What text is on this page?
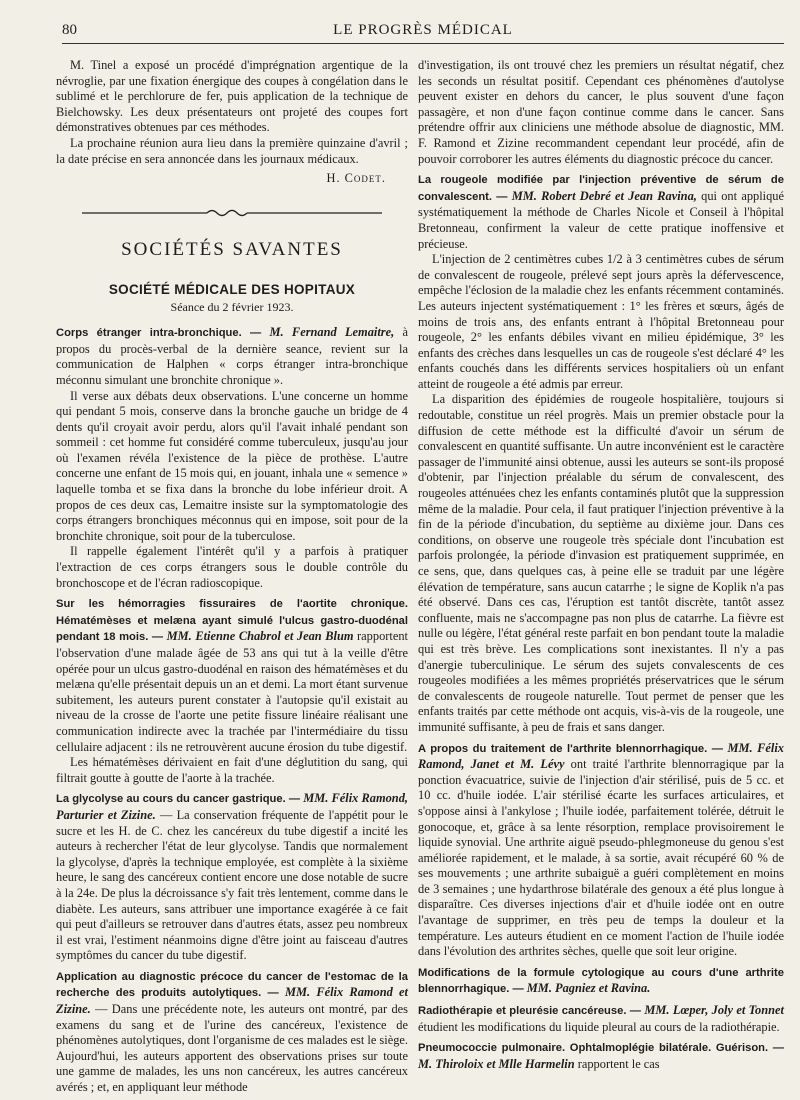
80	LE PROGRÈS MÉDICAL

M. Tinel a exposé un procédé d'imprégnation argentique de la névroglie, par une fixation énergique des coupes à congélation dans le sublimé et le perchlorure de fer, puis application de la technique de Bielchowsky. Les deux présentateurs ont projeté des coupes fort démonstratives obtenues par ces méthodes.

La prochaine réunion aura lieu dans la première quinzaine d'avril ; la date précise en sera annoncée dans les journaux médicaux.

H. Codet.
SOCIÉTÉS SAVANTES
SOCIÉTÉ MÉDICALE DES HOPITAUX
Séance du 2 février 1923.

Corps étranger intra-bronchique. — M. Fernand Lemaitre, à propos du procès-verbal de la dernière seance, revient sur la communication de Halphen « corps étranger intra-bronchique méconnu simulant une bronchite chronique ».

Il verse aux débats deux observations. L'une concerne un homme qui pendant 5 mois, conserve dans la bronche gauche un bridge de 4 dents qu'il croyait avoir perdu, alors qu'il l'avait inhalé pendant son sommeil : cet homme fut considéré comme tuberculeux, jusqu'au jour où l'examen révéla l'existence de la pièce de prothèse. L'autre concerne une enfant de 15 mois qui, en jouant, inhala une « semence » laquelle tomba et se fixa dans la bronche du lobe inférieur droit. A propos de ces deux cas, Lemaitre insiste sur la symptomatologie des corps étrangers bronchiques méconnus qui en impose, soit pour de la bronchite chronique, soit pour de la tuberculose.

Il rappelle également l'intérêt qu'il y a parfois à pratiquer l'extraction de ces corps étrangers sous le double contrôle du bronchoscope et de l'écran radioscopique.

Sur les hémorragies fissuraires de l'aortite chronique. Hématémèses et melæna ayant simulé l'ulcus gastro-duodénal pendant 18 mois. — MM. Etienne Chabrol et Jean Blum rapportent l'observation d'une malade âgée de 53 ans qui tut à la veille d'être opérée pour un ulcus gastro-duodénal en raison des hématémèses et du melæna qu'elle présentait depuis un an et demi. La mort étant survenue subitement, les auteurs purent constater à l'autopsie qu'il existait au niveau de la crosse de l'aorte une petite fissure linéaire réalisant une communication indirecte avec la trachée par l'intermédiaire du tissu cellulaire adjacent : ils ne retrouvèrent aucune érosion du tube digestif.

Les hématémèses dérivaient en fait d'une déglutition du sang, qui filtrait goutte à goutte de l'aorte à la trachée.

La glycolyse au cours du cancer gastrique. — MM. Félix Ramond, Parturier et Zizine. — La conservation fréquente de l'appétit pour le sucre et les H. de C. chez les cancéreux du tube digestif a incité les auteurs à rechercher l'état de leur glycolyse. Tandis que normalement la glycolyse, d'après la technique employée, est complète à la sixième heure, le sang des cancéreux contient encore une dose notable de sucre à la 24e. De plus la décroissance s'y fait très lentement, comme dans le diabète. Les auteurs, sans attribuer une importance exagérée à ce fait qui peut d'ailleurs se retrouver dans d'autres états, assez peu nombreux il est vrai, l'estiment néanmoins digne d'être joint au faisceau d'autres symptômes du cancer du tube digestif.

Application au diagnostic précoce du cancer de l'estomac de la recherche des produits autolytiques. — MM. Félix Ramond et Zizine. — Dans une précédente note, les auteurs ont montré, par des examens du sang et de l'urine des cancéreux, l'existence de phénomènes autolytiques, dont l'organisme de ces malades est le siège. Aujourd'hui, les auteurs apportent des observations prises sur toute une gamme de malades, les uns non cancéreux, les autres cancéreux avérés ; et, en appliquant leur méthode

d'investigation, ils ont trouvé chez les premiers un résultat négatif, chez les seconds un résultat positif. Cependant ces phénomènes d'autolyse peuvent exister en dehors du cancer, le plus souvent d'une façon passagère, et non d'une façon continue comme dans le cancer. Sans prétendre offrir aux cliniciens une méthode absolue de diagnostic, MM. F. Ramond et Zizine recommandent cependant leur procédé, afin de pouvoir corroborer les autres éléments du diagnostic précoce du cancer.

La rougeole modifiée par l'injection préventive de sérum de convalescent. — MM. Robert Debré et Jean Ravina, qui ont appliqué systématiquement la méthode de Charles Nicole et Conseil à l'hôpital Bretonneau, confirment la valeur de cette pratique inoffensive et précieuse.

L'injection de 2 centimètres cubes 1/2 à 3 centimètres cubes de sérum de convalescent de rougeole, prélevé sept jours après la défervescence, empêche l'éclosion de la maladie chez les enfants récemment contaminés. Les auteurs injectent systématiquement : 1° les frères et sœurs, âgés de moins de trois ans, des enfants entrant à l'hôpital Bretonneau pour rougeole, 2° les enfants débiles vivant en milieu épidémique, 3° les enfants des crèches dans lesquelles un cas de rougeole s'est déclaré 4° les enfants couchés dans les différents services hospitaliers où un enfant atteint de rougeole a été admis par erreur.

La disparition des épidémies de rougeole hospitalière, toujours si redoutable, constitue un réel progrès. Mais un premier obstacle pour la diffusion de cette méthode est la difficulté d'avoir un sérum de convalescent en quantité suffisante. Un autre inconvénient est le caractère passager de l'immunité ainsi obtenue, aussi les auteurs se sont-ils proposé d'obtenir, par l'injection préalable du sérum de convalescent, des rougeoles atténuées chez les enfants contaminés plutôt que la suppression même de la maladie. Pour cela, il faut pratiquer l'injection préventive à la fin de la période d'incubation, du septième au dixième jour. Dans ces conditions, on observe une rougeole très spéciale dont l'incubation est parfois prolongée, la période d'invasion est pratiquement supprimée, en ce sens, que, dans quelques cas, à peine elle se traduit par une légère élévation de température, sans aucun catarrhe ; le signe de Koplik n'a pas été observé. Dans ces cas, l'éruption est tantôt discrète, tantôt assez confluente, mais ne s'accompagne pas non plus de catarrhe. La fièvre est nulle ou légère, l'état général reste parfait en bon pendant toute la maladie qui est très brève. Les complications sont inexistantes. Il n'y a pas d'anergie tuberculinique. Le sérum des sujets convalescents de ces rougeoles modifiées a les mêmes propriétés préservatrices que le sérum de convalescents de rougeole naturelle. Tout permet de penser que les enfants traités par cette méthode ont acquis, vis-à-vis de la rougeole, une immunité suffisante, à peu de frais et sans danger.

A propos du traitement de l'arthrite blennorrhagique. — MM. Félix Ramond, Janet et M. Lévy ont traité l'arthrite blennorragique par la ponction évacuatrice, suivie de l'injection d'air stérilisé, puis de 5 cc. et 10 cc. d'huile iodée. L'air stérilisé écarte les surfaces articulaires, et s'oppose ainsi à l'ankylose ; l'huile iodée, parfaitement tolérée, détruit le gonocoque, et, grâce à sa lente résorption, remplace provisoirement le liquide synovial. Une arthrite aiguë pseudo-phlegmoneuse du genou s'est améliorée rapidement, et le malade, à sa sortie, avait récupéré 60 % de ses mouvements ; une arthrite subaiguë a guéri complètement en moins de 3 semaines ; une hydarthrose bilatérale des genoux a été plus longue à disparaître. Ces diverses injections d'air et d'huile iodée ont en outre l'avantage de supprimer, en très peu de temps la douleur et la température. Les auteurs étudient en ce moment l'action de l'huile iodée dans l'évolution des arthrites sèches, quelle que soit leur origine.

Modifications de la formule cytologique au cours d'une arthrite blennorrhagique. — MM. Pagniez et Ravina.

Radiothérapie et pleurésie cancéreuse. — MM. Lœper, Joly et Tonnet étudient les modifications du liquide pleural au cours de la radiothérapie.

Pneumococcie pulmonaire. Ophtalmoplégie bilatérale. Guérison. — M. Thiroloix et Mlle Harmelin rapportent le cas
